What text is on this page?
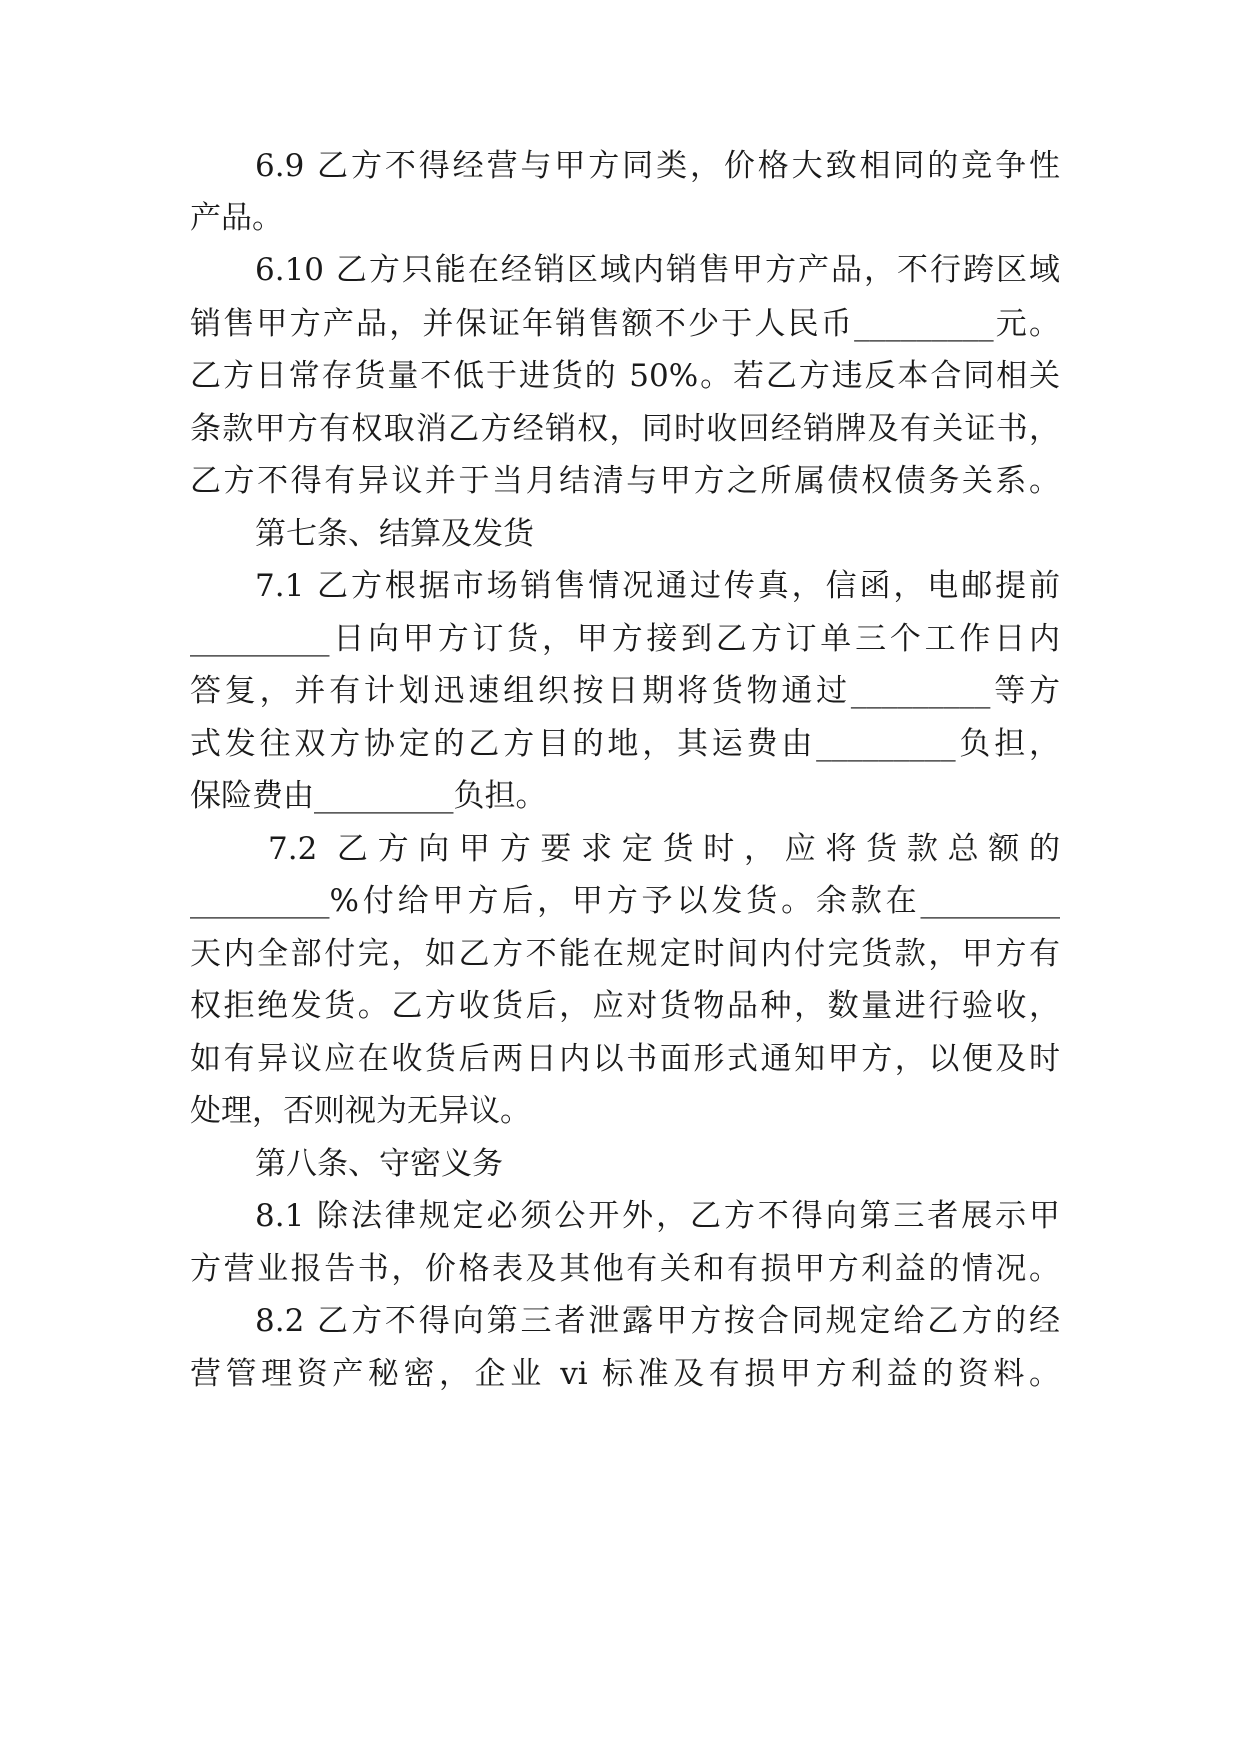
6.9 乙方不得经营与甲方同类，价格大致相同的竞争性
产品。
6.10 乙方只能在经销区域内销售甲方产品，不行跨区域
销售甲方产品，并保证年销售额不少于人民币_________元。
乙方日常存货量不低于进货的 50%。若乙方违反本合同相关
条款甲方有权取消乙方经销权，同时收回经销牌及有关证书，
乙方不得有异议并于当月结清与甲方之所属债权债务关系。
第七条、结算及发货
7.1 乙方根据市场销售情况通过传真，信函，电邮提前
_________日向甲方订货，甲方接到乙方订单三个工作日内
答复，并有计划迅速组织按日期将货物通过_________等方
式发往双方协定的乙方目的地，其运费由_________负担，
保险费由_________负担。
7.2 乙方向甲方要求定货时，应将货款总额的
_________%付给甲方后，甲方予以发货。余款在_________
天内全部付完，如乙方不能在规定时间内付完货款，甲方有
权拒绝发货。乙方收货后，应对货物品种，数量进行验收，
如有异议应在收货后两日内以书面形式通知甲方，以便及时
处理，否则视为无异议。
第八条、守密义务
8.1 除法律规定必须公开外，乙方不得向第三者展示甲
方营业报告书，价格表及其他有关和有损甲方利益的情况。
8.2 乙方不得向第三者泄露甲方按合同规定给乙方的经
营管理资产秘密，企业 vi 标准及有损甲方利益的资料。
